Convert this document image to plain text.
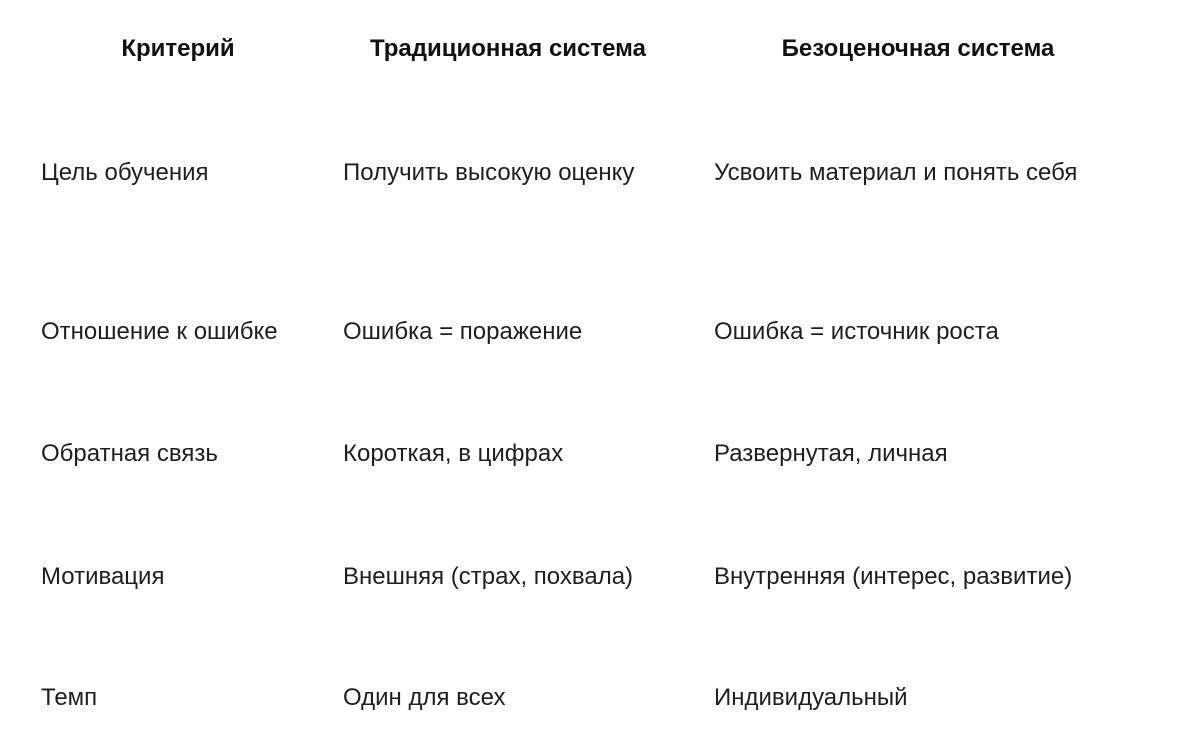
Критерий	Традиционная система	Безоценочная система
Цель обучения	Получить высокую оценку	Усвоить материал и понять себя
Отношение к ошибке	Ошибка = поражение	Ошибка = источник роста
Обратная связь	Короткая, в цифрах	Развернутая, личная
Мотивация	Внешняя (страх, похвала)	Внутренняя (интерес, развитие)
Темп	Один для всех	Индивидуальный
